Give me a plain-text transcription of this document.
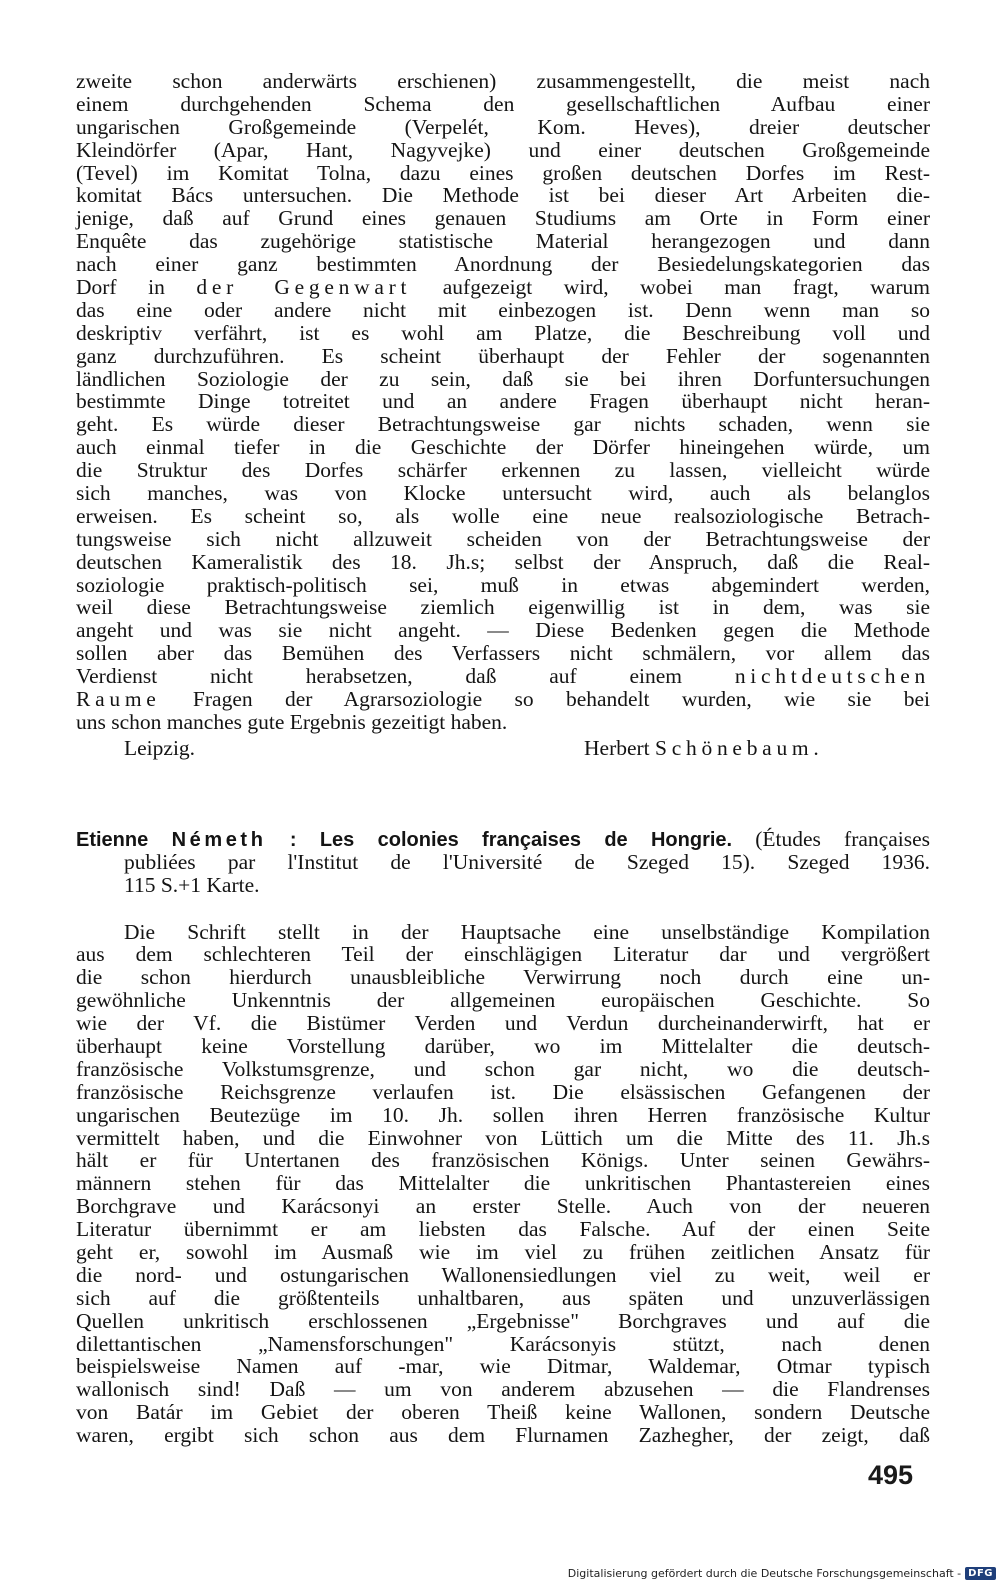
zweite schon anderwärts erschienen) zusammengestellt, die meist nach
einem durchgehenden Schema den gesellschaftlichen Aufbau einer
ungarischen Großgemeinde (Verpelét, Kom. Heves), dreier deutscher
Kleindörfer (Apar, Hant, Nagyvejke) und einer deutschen Großgemeinde
(Tevel) im Komitat Tolna, dazu eines großen deutschen Dorfes im Rest-
komitat Bács untersuchen. Die Methode ist bei dieser Art Arbeiten die-
jenige, daß auf Grund eines genauen Studiums am Orte in Form einer
Enquête das zugehörige statistische Material herangezogen und dann
nach einer ganz bestimmten Anordnung der Besiedelungskategorien das
Dorf in der Gegenwart aufgezeigt wird, wobei man fragt, warum
das eine oder andere nicht mit einbezogen ist. Denn wenn man so
deskriptiv verfährt, ist es wohl am Platze, die Beschreibung voll und
ganz durchzuführen. Es scheint überhaupt der Fehler der sogenannten
ländlichen Soziologie der zu sein, daß sie bei ihren Dorfuntersuchungen
bestimmte Dinge totreitet und an andere Fragen überhaupt nicht heran-
geht. Es würde dieser Betrachtungsweise gar nichts schaden, wenn sie
auch einmal tiefer in die Geschichte der Dörfer hineingehen würde, um
die Struktur des Dorfes schärfer erkennen zu lassen, vielleicht würde
sich manches, was von Klocke untersucht wird, auch als belanglos
erweisen. Es scheint so, als wolle eine neue realsoziologische Betrach-
tungsweise sich nicht allzuweit scheiden von der Betrachtungsweise der
deutschen Kameralistik des 18. Jh.s; selbst der Anspruch, daß die Real-
soziologie praktisch-politisch sei, muß in etwas abgemindert werden,
weil diese Betrachtungsweise ziemlich eigenwillig ist in dem, was sie
angeht und was sie nicht angeht. — Diese Bedenken gegen die Methode
sollen aber das Bemühen des Verfassers nicht schmälern, vor allem das
Verdienst nicht herabsetzen, daß auf einem nichtdeutschen
Raume Fragen der Agrarsoziologie so behandelt wurden, wie sie bei
uns schon manches gute Ergebnis gezeitigt haben.
Leipzig.	Herbert Schönebaum.
Etienne Németh : Les colonies françaises de Hongrie. (Études françaises
publiées par l'Institut de l'Université de Szeged 15). Szeged 1936.
115 S.+1 Karte.
Die Schrift stellt in der Hauptsache eine unselbständige Kompilation
aus dem schlechteren Teil der einschlägigen Literatur dar und vergrößert
die schon hierdurch unausbleibliche Verwirrung noch durch eine un-
gewöhnliche Unkenntnis der allgemeinen europäischen Geschichte. So
wie der Vf. die Bistümer Verden und Verdun durcheinanderwirft, hat er
überhaupt keine Vorstellung darüber, wo im Mittelalter die deutsch-
französische Volkstumsgrenze, und schon gar nicht, wo die deutsch-
französische Reichsgrenze verlaufen ist. Die elsässischen Gefangenen der
ungarischen Beutezüge im 10. Jh. sollen ihren Herren französische Kultur
vermittelt haben, und die Einwohner von Lüttich um die Mitte des 11. Jh.s
hält er für Untertanen des französischen Königs. Unter seinen Gewährs-
männern stehen für das Mittelalter die unkritischen Phantastereien eines
Borchgrave und Karácsonyi an erster Stelle. Auch von der neueren
Literatur übernimmt er am liebsten das Falsche. Auf der einen Seite
geht er, sowohl im Ausmaß wie im viel zu frühen zeitlichen Ansatz für
die nord- und ostungarischen Wallonensiedlungen viel zu weit, weil er
sich auf die größtenteils unhaltbaren, aus späten und unzuverlässigen
Quellen unkritisch erschlossenen „Ergebnisse" Borchgraves und auf die
dilettantischen „Namensforschungen" Karácsonyis stützt, nach denen
beispielsweise Namen auf -mar, wie Ditmar, Waldemar, Otmar typisch
wallonisch sind! Daß — um von anderem abzusehen — die Flandrenses
von Batár im Gebiet der oberen Theiß keine Wallonen, sondern Deutsche
waren, ergibt sich schon aus dem Flurnamen Zazhegher, der zeigt, daß
495
Digitalisierung gefördert durch die Deutsche Forschungsgemeinschaft - DFG
